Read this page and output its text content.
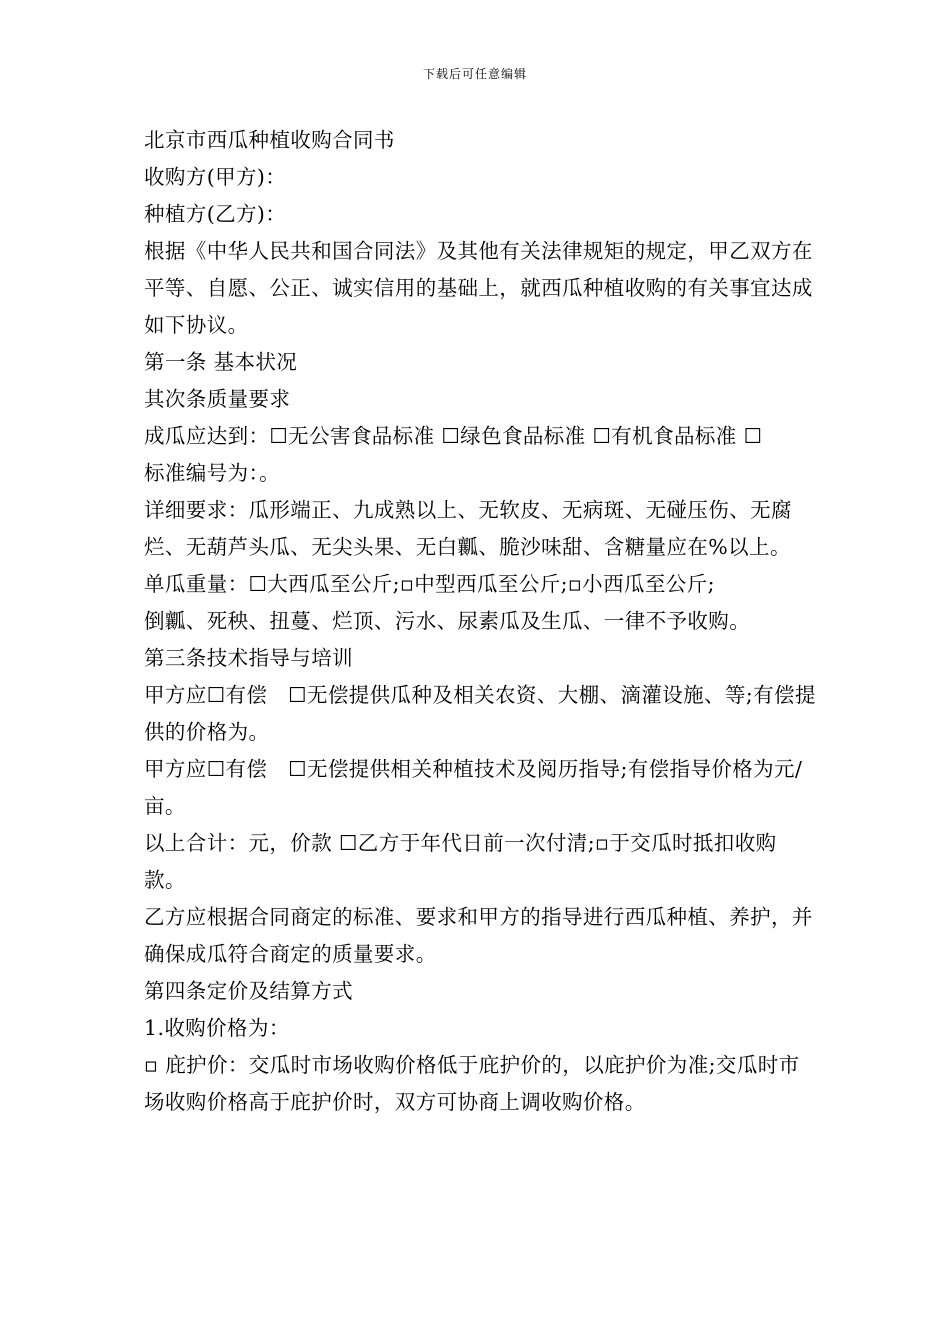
下载后可任意编辑

北京市西瓜种植收购合同书

收购方(甲方)：

种植方(乙方)：

根据《中华人民共和国合同法》及其他有关法律规矩的规定，甲乙双方在平等、自愿、公正、诚实信用的基础上，就西瓜种植收购的有关事宜达成如下协议。

第一条 基本状况

其次条质量要求

成瓜应达到：☐无公害食品标准 ☐绿色食品标准 ☐有机食品标准 ☐

标准编号为：。

详细要求：瓜形端正、九成熟以上、无软皮、无病斑、无碰压伤、无腐烂、无葫芦头瓜、无尖头果、无白瓤、脆沙味甜、含糖量应在%以上。

单瓜重量：☐大西瓜至公斤;▫中型西瓜至公斤;▫小西瓜至公斤;

倒瓤、死秧、扭蔓、烂顶、污水、尿素瓜及生瓜、一律不予收购。

第三条技术指导与培训

甲方应☐有偿　☐无偿提供瓜种及相关农资、大棚、滴灌设施、等;有偿提供的价格为。

甲方应☐有偿　☐无偿提供相关种植技术及阅历指导;有偿指导价格为元/亩。

以上合计：元，价款 ☐乙方于年代日前一次付清;▫于交瓜时抵扣收购款。

乙方应根据合同商定的标准、要求和甲方的指导进行西瓜种植、养护，并确保成瓜符合商定的质量要求。

第四条定价及结算方式

1.收购价格为：

▫ 庇护价：交瓜时市场收购价格低于庇护价的，以庇护价为准;交瓜时市场收购价格高于庇护价时，双方可协商上调收购价格。
